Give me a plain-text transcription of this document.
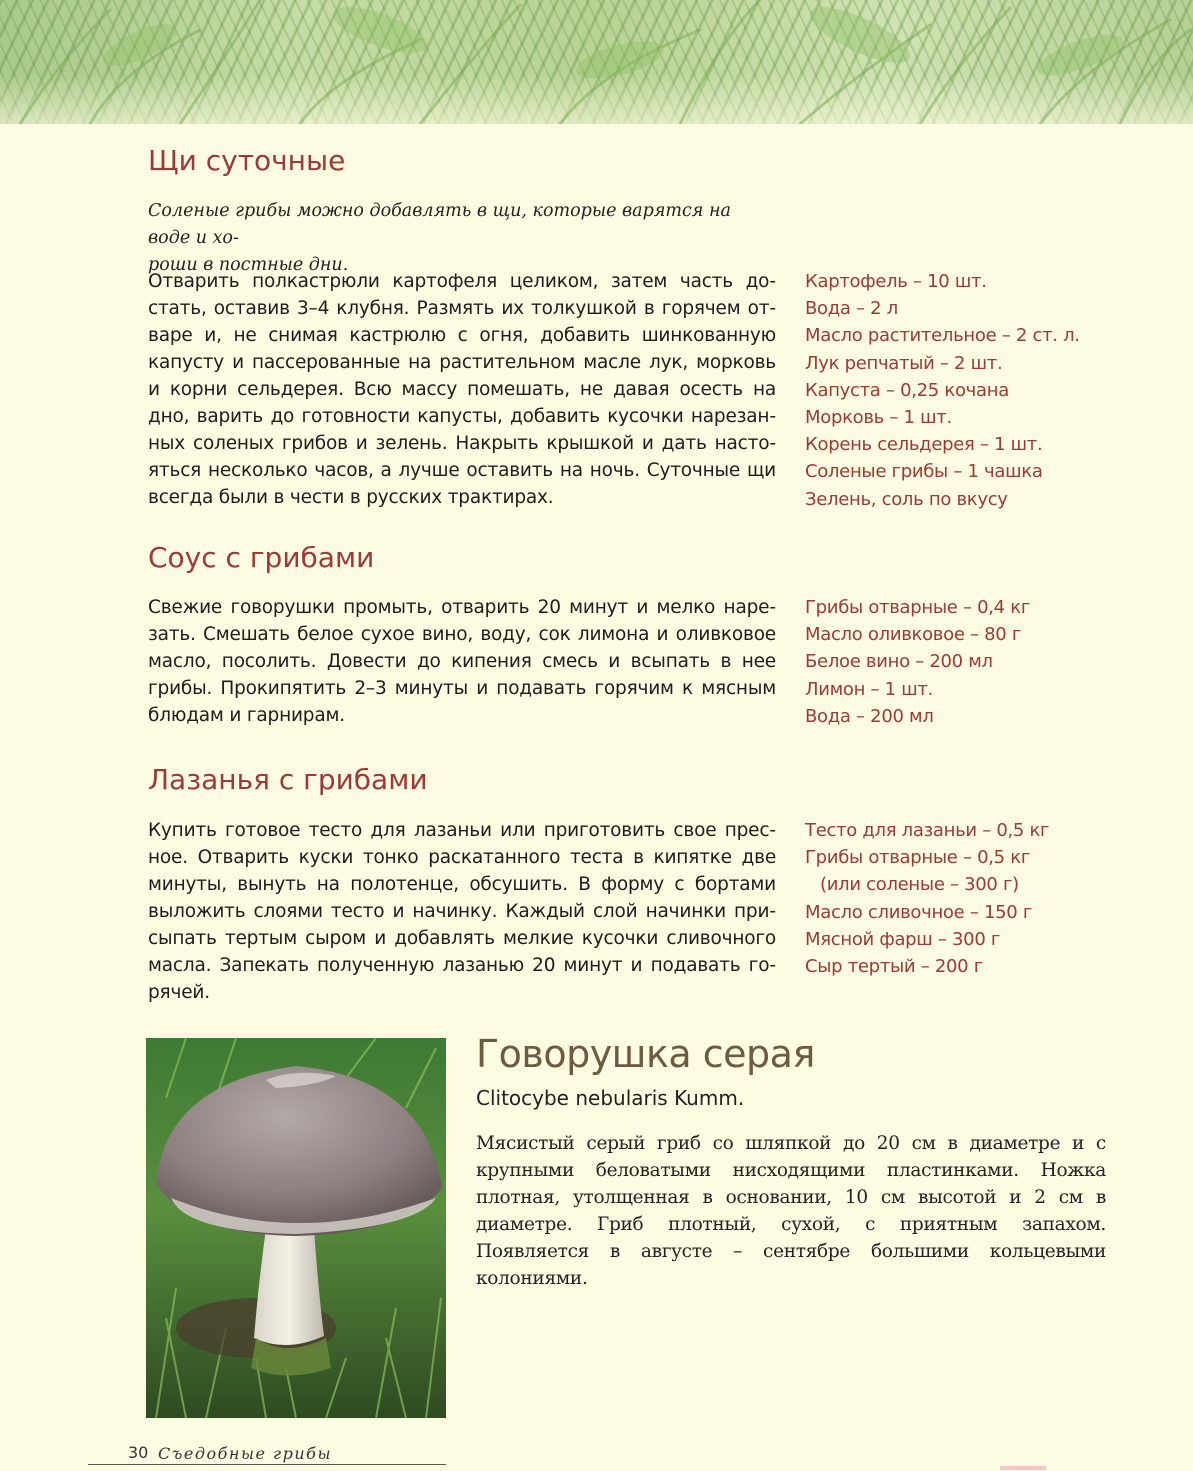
Щи суточные

Соленые грибы можно добавлять в щи, которые варятся на воде и хо-
роши в постные дни.

Отварить полкастрюли картофеля целиком, затем часть достать, оставив 3–4 клубня. Размять их толкушкой в горячем отваре и, не снимая кастрюлю с огня, добавить шинкованную капусту и пассерованные на растительном масле лук, морковь и корни сельдерея. Всю массу помешать, не давая осесть на дно, варить до готовности капусты, добавить кусочки нарезанных соленых грибов и зелень. Накрыть крышкой и дать настояться несколько часов, а лучше оставить на ночь. Суточные щи всегда были в чести в русских трактирах.

Картофель – 10 шт.
Вода – 2 л
Масло растительное – 2 ст. л.
Лук репчатый – 2 шт.
Капуста – 0,25 кочана
Морковь – 1 шт.
Корень сельдерея – 1 шт.
Соленые грибы – 1 чашка
Зелень, соль по вкусу
Соус с грибами

Свежие говорушки промыть, отварить 20 минут и мелко нарезать. Смешать белое сухое вино, воду, сок лимона и оливковое масло, посолить. Довести до кипения смесь и всыпать в нее грибы. Прокипятить 2–3 минуты и подавать горячим к мясным блюдам и гарнирам.

Грибы отварные – 0,4 кг
Масло оливковое – 80 г
Белое вино – 200 мл
Лимон – 1 шт.
Вода – 200 мл
Лазанья с грибами

Купить готовое тесто для лазаньи или приготовить свое пресное. Отварить куски тонко раскатанного теста в кипятке две минуты, вынуть на полотенце, обсушить. В форму с бортами выложить слоями тесто и начинку. Каждый слой начинки присыпать тертым сыром и добавлять мелкие кусочки сливочного масла. Запекать полученную лазанью 20 минут и подавать горячей.

Тесто для лазаньи – 0,5 кг
Грибы отварные – 0,5 кг
(или соленые – 300 г)
Масло сливочное – 150 г
Мясной фарш – 300 г
Сыр тертый – 200 г
Говорушка серая

Clitocybe nebularis Kumm.

Мясистый серый гриб со шляпкой до 20 см в диаметре и с крупными беловатыми нисходящими пластинками. Ножка плотная, утолщенная в основании, 10 см высотой и 2 см в диаметре. Гриб плотный, сухой, с приятным запахом. Появляется в августе – сентябре большими кольцевыми колониями.

30 Съедобные грибы
